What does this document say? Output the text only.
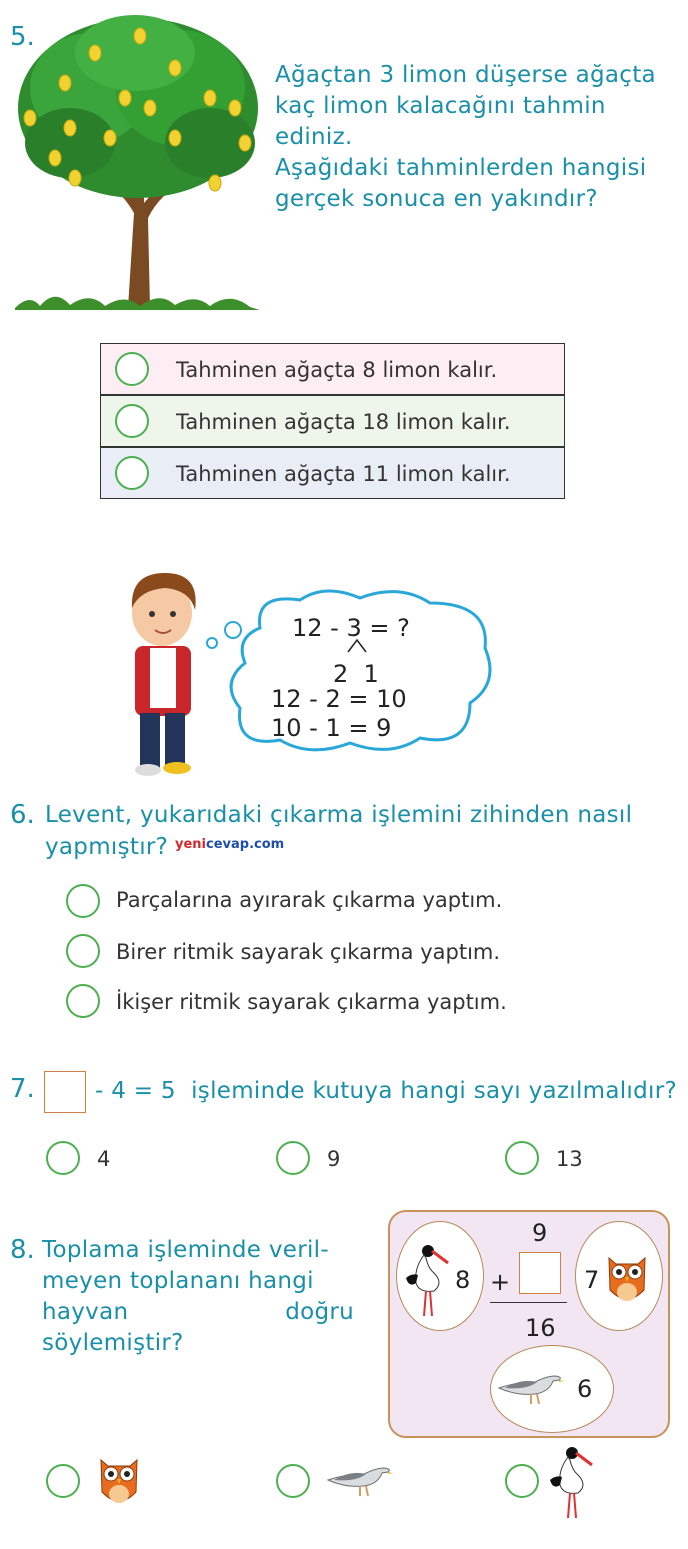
5.
Ağaçtan 3 limon düşerse ağaçta
kaç limon kalacağını tahmin ediniz.
Aşağıdaki tahminlerden hangisi
gerçek sonuca en yakındır?
Tahminen ağaçta 8 limon kalır.
Tahminen ağaçta 18 limon kalır.
Tahminen ağaçta 11 limon kalır.
12 - 3 = ?
2  1
12 - 2 = 10
10 - 1 = 9
6. Levent, yukarıdaki çıkarma işlemini zihinden nasıl
yapmıştır? yenicevap.com
Parçalarına ayırarak çıkarma yaptım.
Birer ritmik sayarak çıkarma yaptım.
İkişer ritmik sayarak çıkarma yaptım.
7.	- 4 = 5  işleminde kutuya hangi sayı yazılmalıdır?
4	9	13
8. Toplama işleminde veril-
meyen toplananı hangi
hayvan doğru söylemiştir?
8	7
9
+
16
6
